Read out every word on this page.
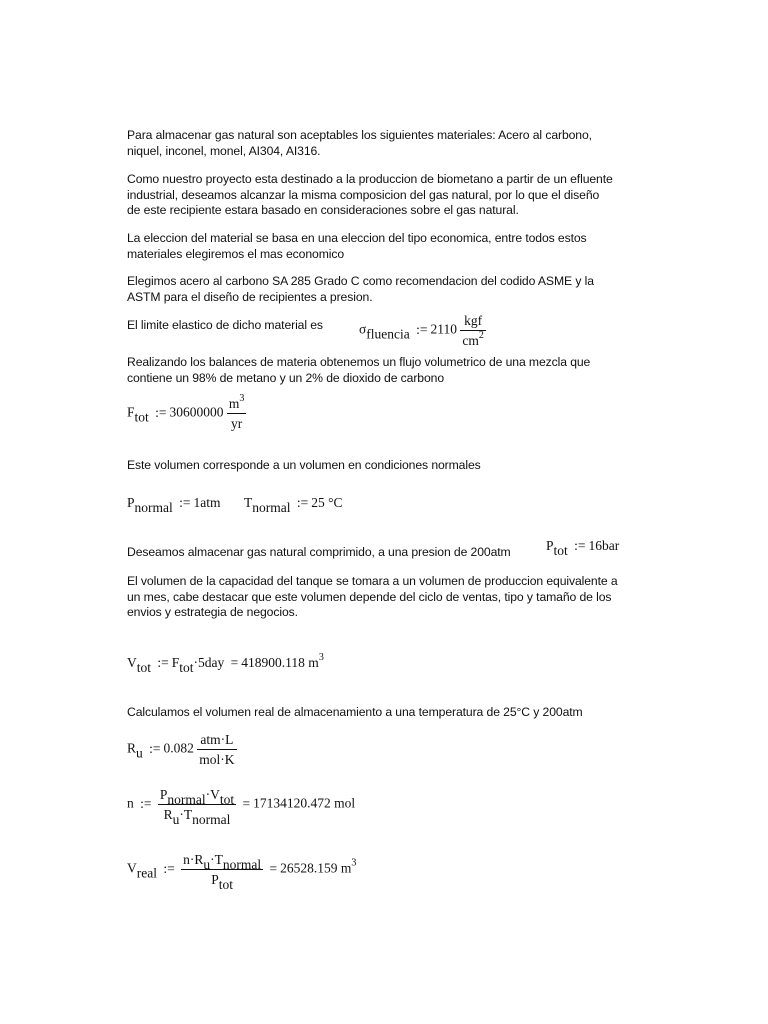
Para almacenar gas natural son aceptables los siguientes materiales: Acero al carbono,
niquel, inconel, monel, AI304, AI316.
Como nuestro proyecto esta destinado a la produccion de biometano a partir de un efluente
industrial, deseamos alcanzar la misma composicion del gas natural, por lo que el diseño
de este recipiente estara basado en consideraciones sobre el gas natural.
La eleccion del material se basa en una eleccion del tipo economica, entre todos estos
materiales elegiremos el mas economico
Elegimos acero al carbono SA 285 Grado C como recomendacion del codido ASME y la
ASTM para el diseño de recipientes a presion.
El limite elastico de dicho material es	$\sigma_{fluencia}$ := $2110 \frac{\text{kgf}}{cm^2}$
Realizando los balances de materia obtenemos un flujo volumetrico de una mezcla que
contiene un 98% de metano y un 2% de dioxido de carbono
$F_{tot}$ := $30600000 \frac{m^3}{yr}$
Este volumen corresponde a un volumen en condiciones normales
$P_{normal}$ := 1atm $T_{normal}$ := 25 °C
Deseamos almacenar gas natural comprimido, a una presion de 200atm	$P_{tot}$ := 16bar
El volumen de la capacidad del tanque se tomara a un volumen de produccion equivalente a
un mes, cabe destacar que este volumen depende del ciclo de ventas, tipo y tamaño de los
envios y estrategia de negocios.
$V_{tot}$ := $F_{tot}\cdot 5day = 418900.118$ $m^3$
Calculamos el volumen real de almacenamiento a una temperatura de 25°C y 200atm
$R_u$ := $0.082 \frac{\text{atm·L}}{\text{mol·K}}$
n := $\frac{P_{normal}\cdot V_{tot}}{R_u\cdot T_{normal}} = 17134120.472$ mol
$V_{real}$ := $\frac{n\cdot R_u\cdot T_{normal}}{P_{tot}} = 26528.159$ $m^3$
